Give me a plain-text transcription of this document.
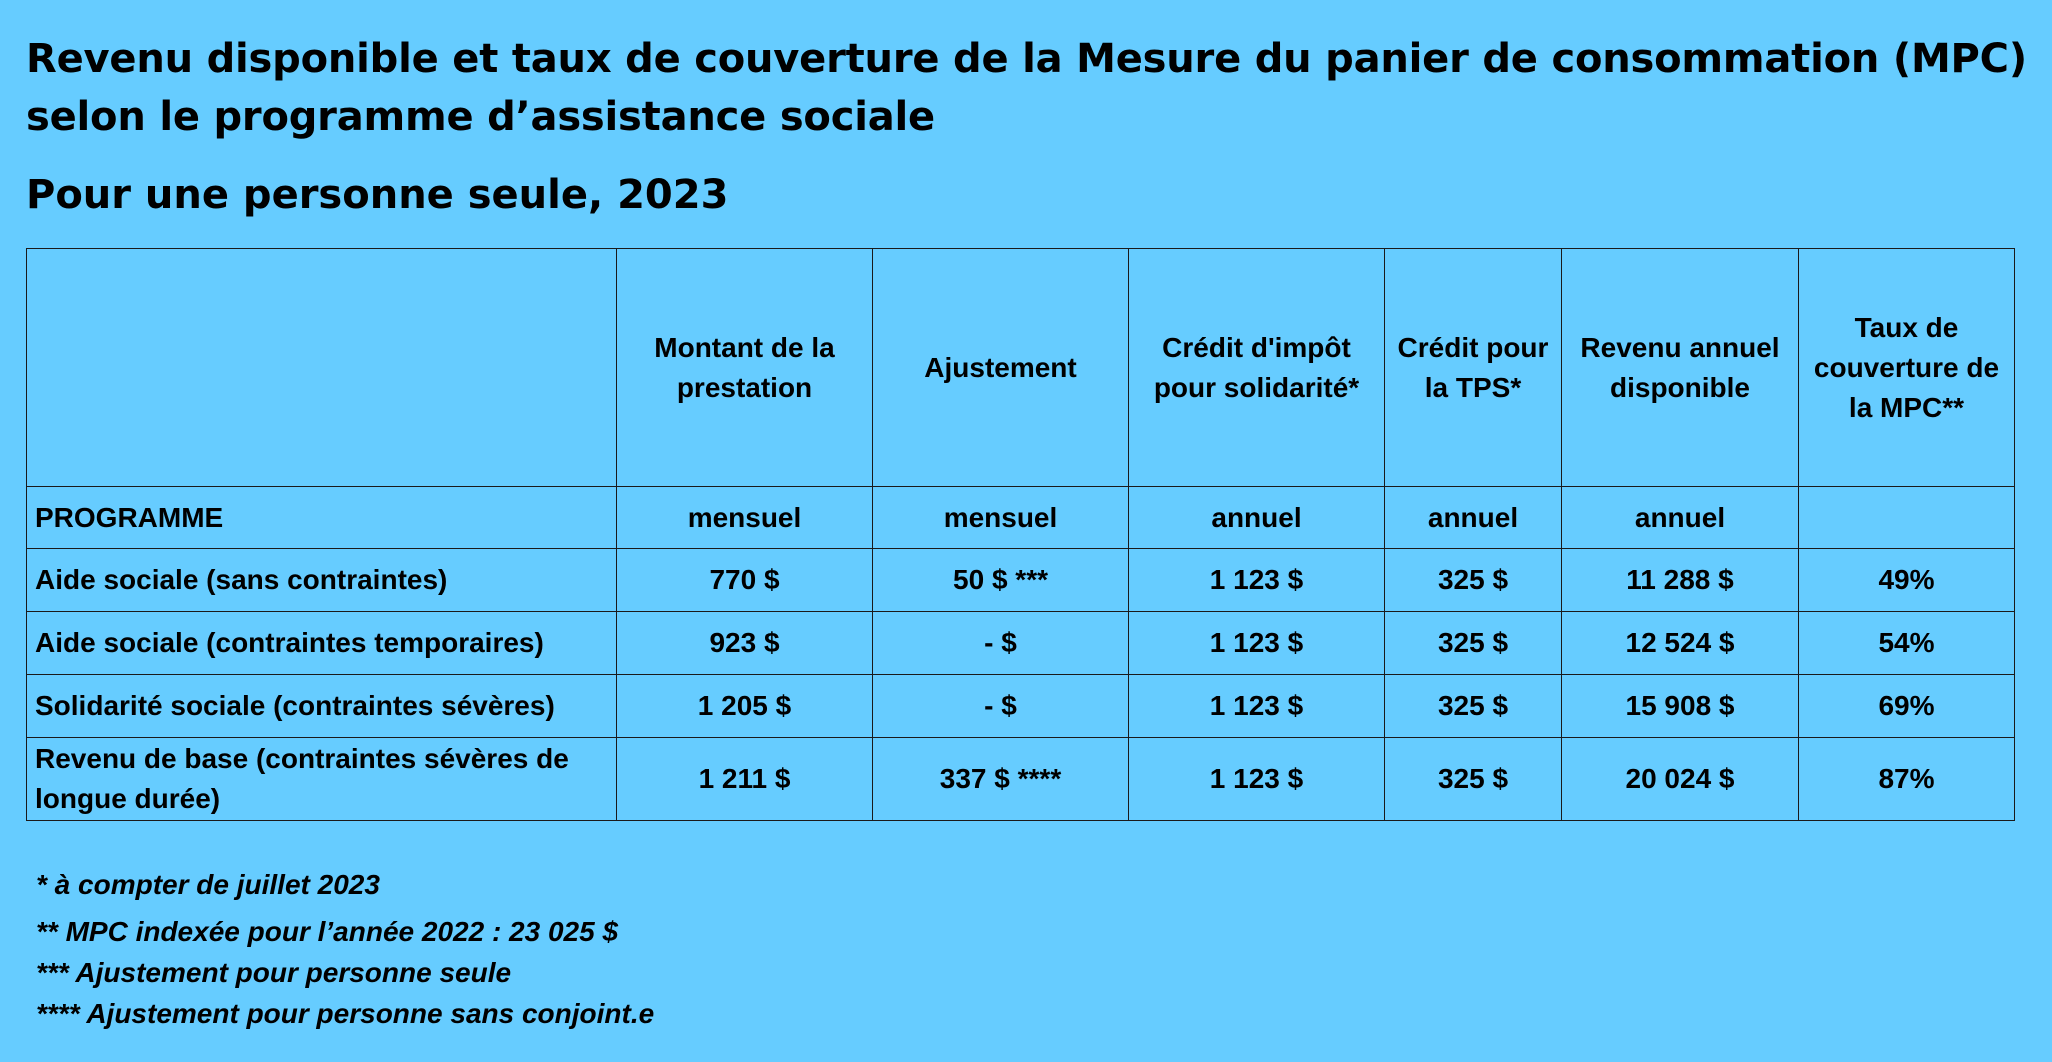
Revenu disponible et taux de couverture de la Mesure du panier de consommation (MPC) selon le programme d’assistance sociale
Pour une personne seule, 2023
	Montant de la prestation	Ajustement	Crédit d'impôt pour solidarité*	Crédit pour la TPS*	Revenu annuel disponible	Taux de couverture de la MPC**
PROGRAMME	mensuel	mensuel	annuel	annuel	annuel	
Aide sociale (sans contraintes)	770 $	50 $ ***	1 123 $	325 $	11 288 $	49%
Aide sociale (contraintes temporaires)	923 $	- $	1 123 $	325 $	12 524 $	54%
Solidarité sociale (contraintes sévères)	1 205 $	- $	1 123 $	325 $	15 908 $	69%
Revenu de base (contraintes sévères de longue durée)	1 211 $	337 $ ****	1 123 $	325 $	20 024 $	87%
* à compter de juillet 2023
** MPC indexée pour l’année 2022 : 23 025 $
*** Ajustement pour personne seule
**** Ajustement pour personne sans conjoint.e
